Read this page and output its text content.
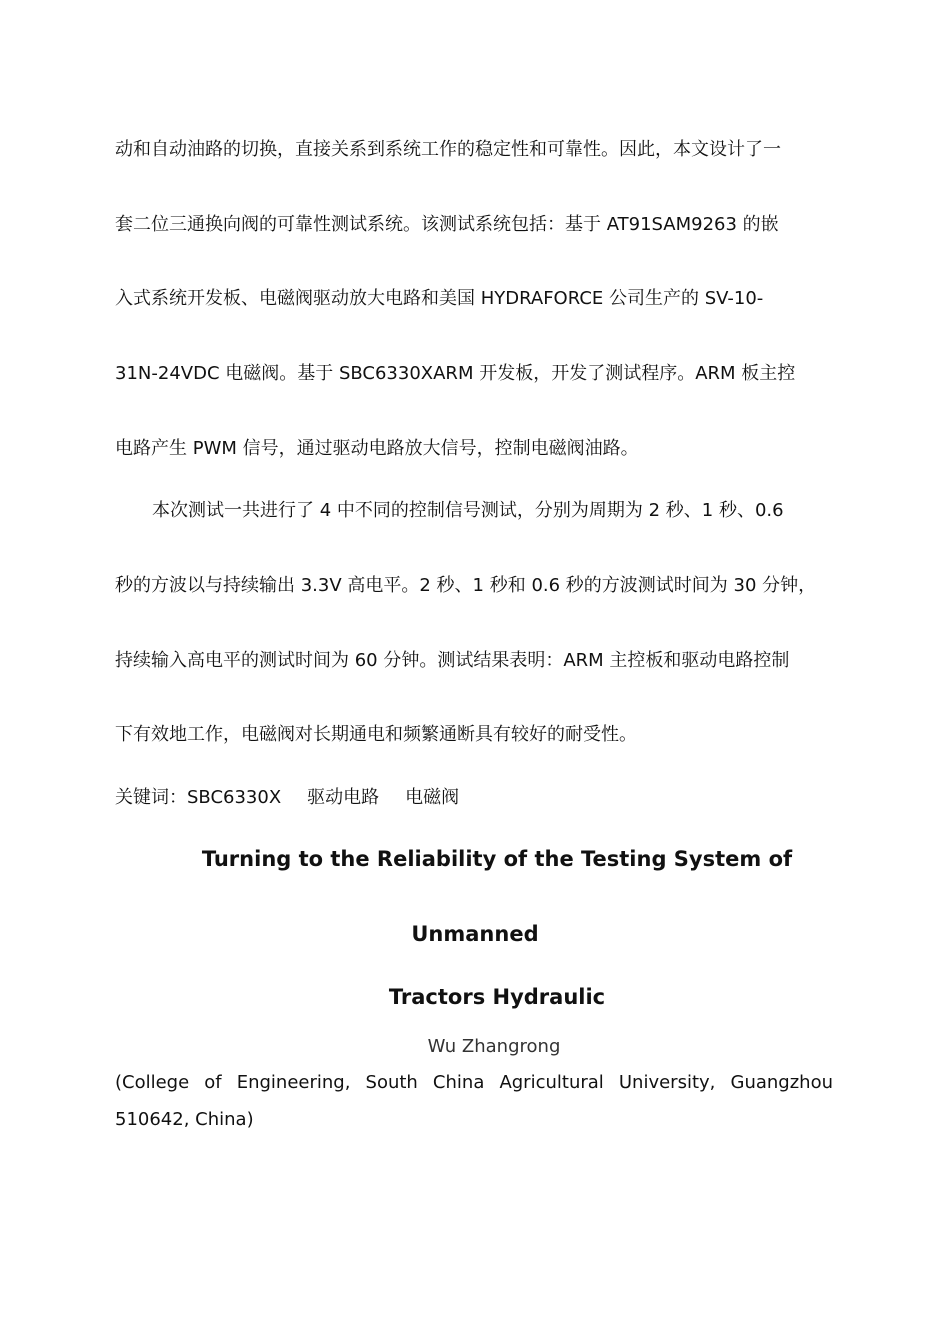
动和自动油路的切换，直接关系到系统工作的稳定性和可靠性。因此，本文设计了一
套二位三通换向阀的可靠性测试系统。该测试系统包括：基于 AT91SAM9263 的嵌
入式系统开发板、电磁阀驱动放大电路和美国 HYDRAFORCE 公司生产的 SV-10-
31N-24VDC 电磁阀。基于 SBC6330XARM 开发板，开发了测试程序。ARM 板主控
电路产生 PWM 信号，通过驱动电路放大信号，控制电磁阀油路。
本次测试一共进行了 4 中不同的控制信号测试，分别为周期为 2 秒、1 秒、0.6
秒的方波以与持续输出 3.3V 高电平。2 秒、1 秒和 0.6 秒的方波测试时间为 30 分钟，
持续输入高电平的测试时间为 60 分钟。测试结果表明：ARM 主控板和驱动电路控制
下有效地工作，电磁阀对长期通电和频繁通断具有较好的耐受性。
关键词：SBC6330X 驱动电路 电磁阀
Turning to the Reliability of the Testing System of
Unmanned
Tractors Hydraulic
Wu Zhangrong
(College of Engineering, South China Agricultural University, Guangzhou
510642, China)
